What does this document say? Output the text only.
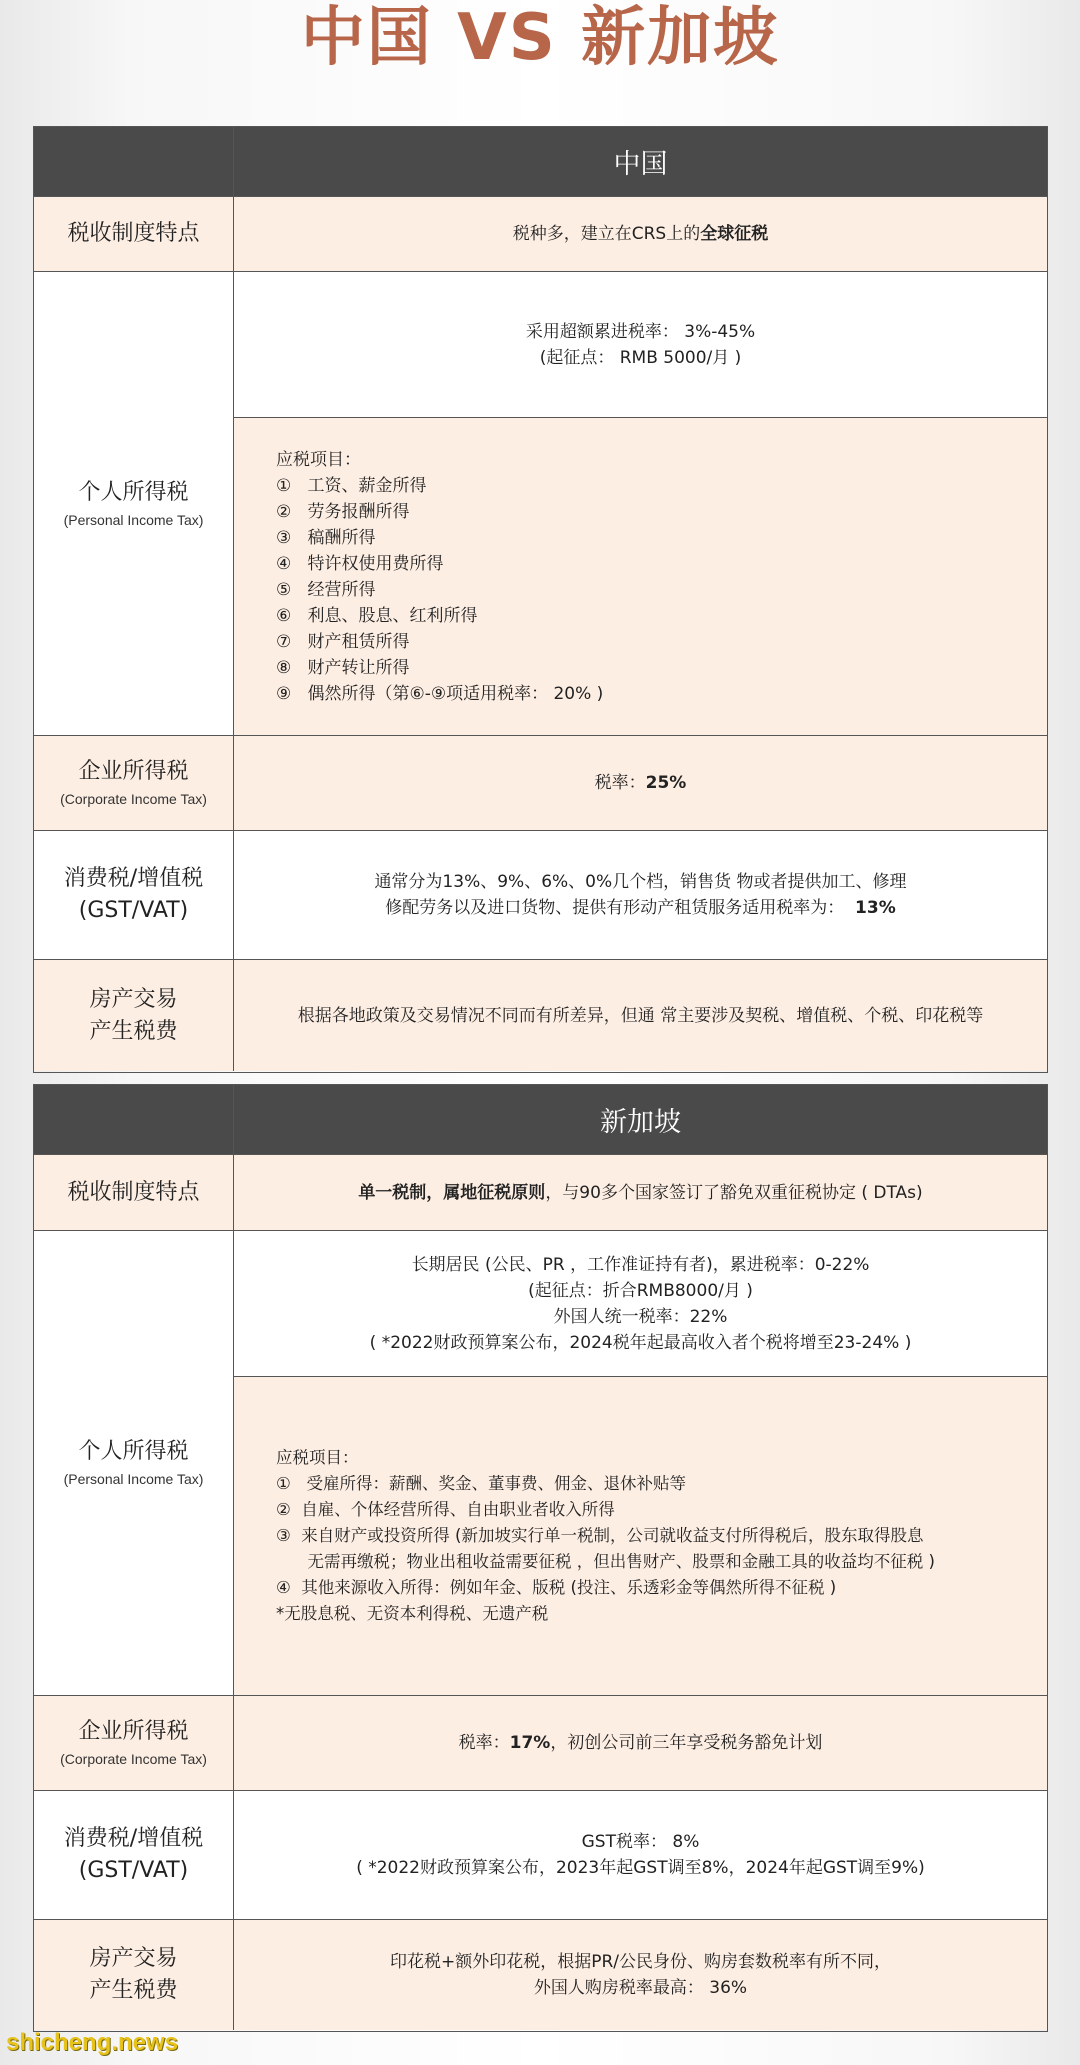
中国 VS 新加坡
中国
税收制度特点	税种多，建立在CRS上的全球征税
个人所得税
(Personal Income Tax)
采用超额累进税率： 3%-45%
(起征点： RMB 5000/月 )
应税项目：
①   工资、薪金所得
②   劳务报酬所得
③   稿酬所得
④   特许权使用费所得
⑤   经营所得
⑥   利息、股息、红利所得
⑦   财产租赁所得
⑧   财产转让所得
⑨   偶然所得（第⑥-⑨项适用税率： 20% )
企业所得税
(Corporate Income Tax)
税率：25%
消费税/增值税
(GST/VAT)
通常分为13%、9%、6%、0%几个档，销售货 物或者提供加工、修理
修配劳务以及进口货物、提供有形动产租赁服务适用税率为：  13%
房产交易
产生税费
根据各地政策及交易情况不同而有所差异，但通 常主要涉及契税、增值税、个税、印花税等
新加坡
税收制度特点	单一税制，属地征税原则，与90多个国家签订了豁免双重征税协定 ( DTAs)
个人所得税
(Personal Income Tax)
长期居民 (公民、PR ，工作准证持有者)，累进税率：0-22%
(起征点：折合RMB8000/月 )
外国人统一税率：22%
( *2022财政预算案公布，2024税年起最高收入者个税将增至23-24% )
应税项目：
①   受雇所得：薪酬、奖金、董事费、佣金、退休补贴等
②  自雇、个体经营所得、自由职业者收入所得
③  来自财产或投资所得 (新加坡实行单一税制，公司就收益支付所得税后，股东取得股息
无需再缴税；物业出租收益需要征税 ，但出售财产、股票和金融工具的收益均不征税 )
④  其他来源收入所得：例如年金、版税 (投注、乐透彩金等偶然所得不征税 )
*无股息税、无资本利得税、无遗产税
企业所得税
(Corporate Income Tax)
税率：17%，初创公司前三年享受税务豁免计划
消费税/增值税
(GST/VAT)
GST税率： 8%
( *2022财政预算案公布，2023年起GST调至8%，2024年起GST调至9%)
房产交易
产生税费
印花税+额外印花税，根据PR/公民身份、购房套数税率有所不同，
外国人购房税率最高： 36%
shicheng.news
